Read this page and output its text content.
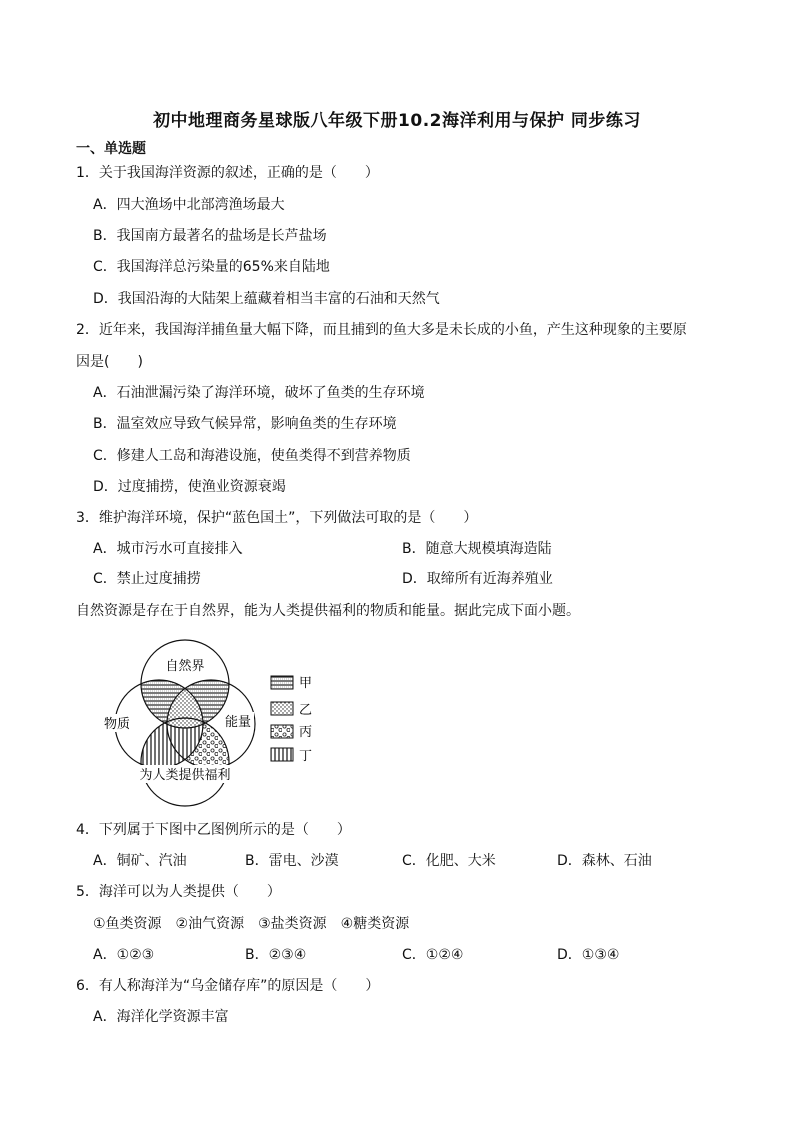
初中地理商务星球版八年级下册10.2海洋利用与保护 同步练习
一、单选题
1．关于我国海洋资源的叙述，正确的是（　　）
A．四大渔场中北部湾渔场最大
B．我国南方最著名的盐场是长芦盐场
C．我国海洋总污染量的65%来自陆地
D．我国沿海的大陆架上蕴藏着相当丰富的石油和天然气
2．近年来，我国海洋捕鱼量大幅下降，而且捕到的鱼大多是未长成的小鱼，产生这种现象的主要原
因是(　　)
A．石油泄漏污染了海洋环境，破坏了鱼类的生存环境
B．温室效应导致气候异常，影响鱼类的生存环境
C．修建人工岛和海港设施，使鱼类得不到营养物质
D．过度捕捞，使渔业资源衰竭
3．维护海洋环境，保护“蓝色国土”，下列做法可取的是（　　）
A．城市污水可直接排入	B．随意大规模填海造陆
C．禁止过度捕捞	D．取缔所有近海养殖业
自然资源是存在于自然界，能为人类提供福利的物质和能量。据此完成下面小题。
自然界
物质	能量
为人类提供福利
甲
乙
丙
丁
4．下列属于下图中乙图例所示的是（　　）
A．铜矿、汽油	B．雷电、沙漠	C．化肥、大米	D．森林、石油
5．海洋可以为人类提供（　　）
①鱼类资源　②油气资源　③盐类资源　④糖类资源
A．①②③	B．②③④	C．①②④	D．①③④
6．有人称海洋为“乌金储存库”的原因是（　　）
A．海洋化学资源丰富
